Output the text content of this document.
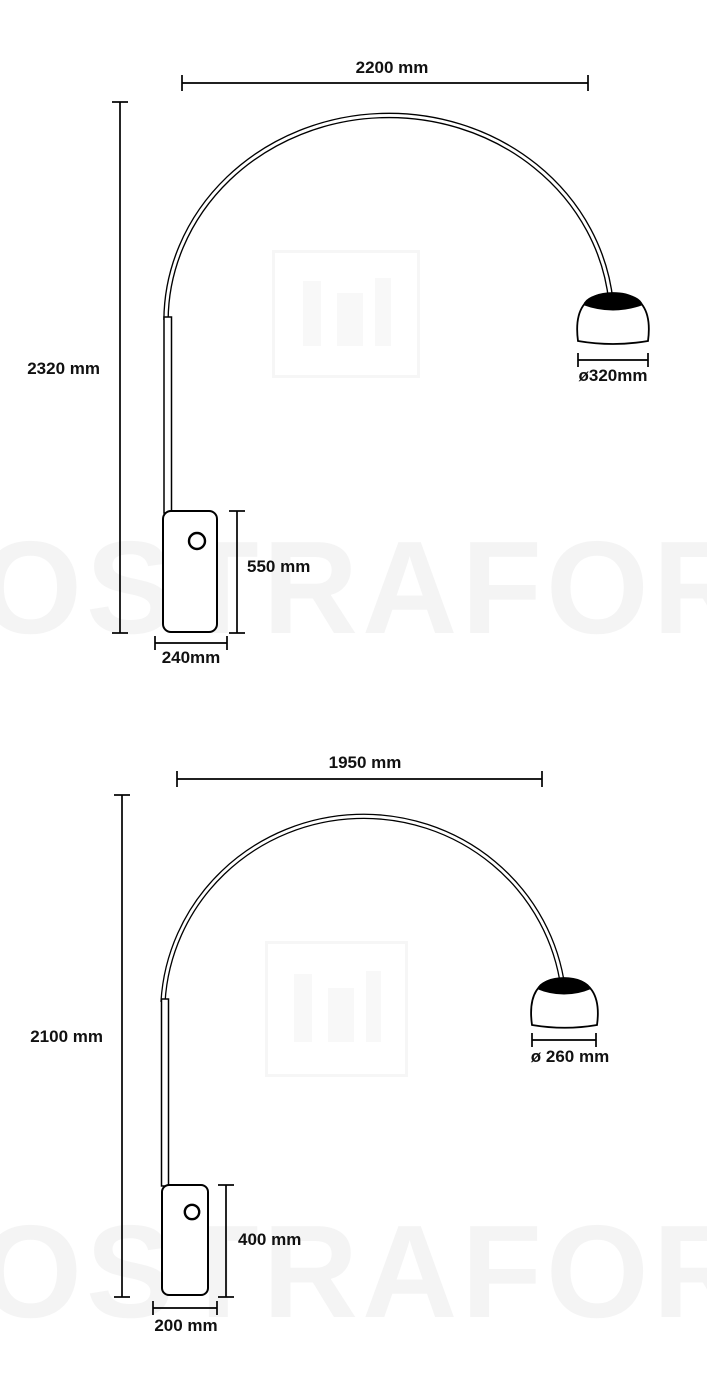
2200 mm
2320 mm	ø320mm
550 mm
240mm
1950 mm
2100 mm
ø 260 mm
400 mm
200 mm
